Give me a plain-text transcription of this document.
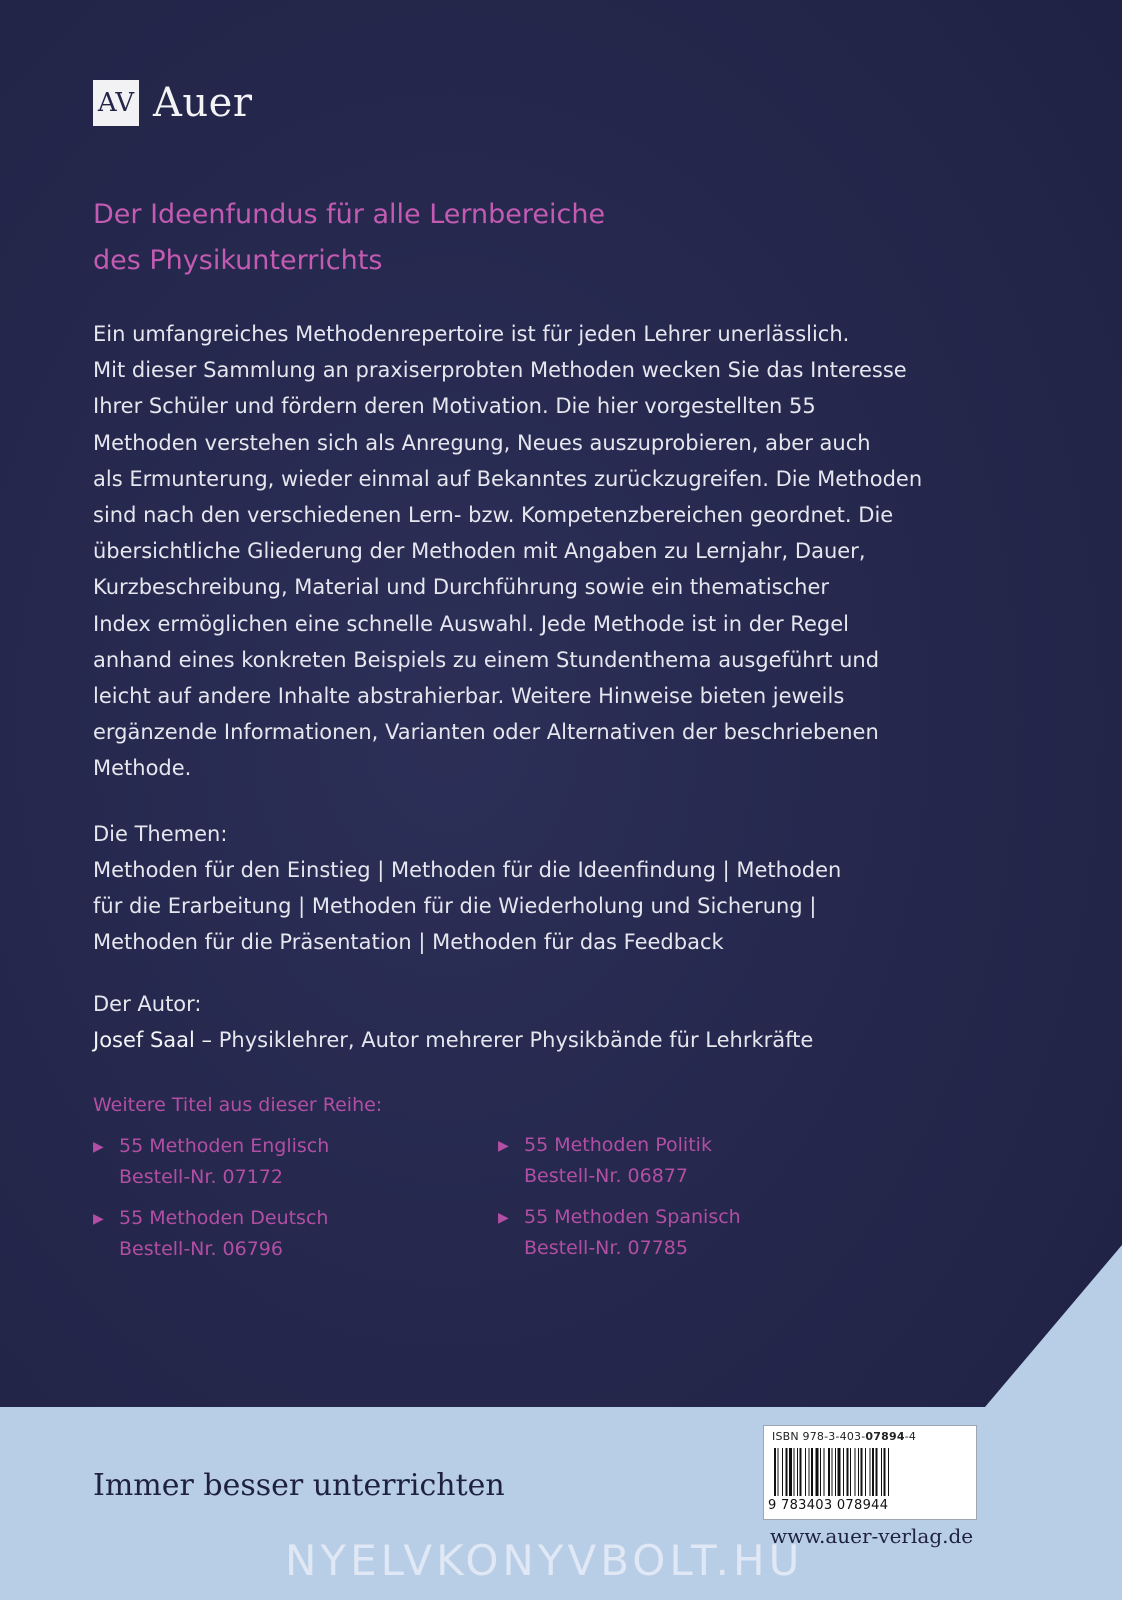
AV Auer
Der Ideenfundus für alle Lernbereiche
des Physikunterrichts
Ein umfangreiches Methodenrepertoire ist für jeden Lehrer unerlässlich.
Mit dieser Sammlung an praxiserprobten Methoden wecken Sie das Interesse
Ihrer Schüler und fördern deren Motivation. Die hier vorgestellten 55
Methoden verstehen sich als Anregung, Neues auszuprobieren, aber auch
als Ermunterung, wieder einmal auf Bekanntes zurückzugreifen. Die Methoden
sind nach den verschiedenen Lern- bzw. Kompetenzbereichen geordnet. Die
übersichtliche Gliederung der Methoden mit Angaben zu Lernjahr, Dauer,
Kurzbeschreibung, Material und Durchführung sowie ein thematischer
Index ermöglichen eine schnelle Auswahl. Jede Methode ist in der Regel
anhand eines konkreten Beispiels zu einem Stundenthema ausgeführt und
leicht auf andere Inhalte abstrahierbar. Weitere Hinweise bieten jeweils
ergänzende Informationen, Varianten oder Alternativen der beschriebenen
Methode.
Die Themen:
Methoden für den Einstieg | Methoden für die Ideenfindung | Methoden
für die Erarbeitung | Methoden für die Wiederholung und Sicherung |
Methoden für die Präsentation | Methoden für das Feedback
Der Autor:
Josef Saal – Physiklehrer, Autor mehrerer Physikbände für Lehrkräfte
Weitere Titel aus dieser Reihe:
▶ 55 Methoden Englisch
Bestell-Nr. 07172
▶ 55 Methoden Politik
Bestell-Nr. 06877
▶ 55 Methoden Deutsch
Bestell-Nr. 06796
▶ 55 Methoden Spanisch
Bestell-Nr. 07785
Immer besser unterrichten
ISBN 978-3-403-07894-4
9 783403 078944
www.auer-verlag.de
NYELVKONYVBOLT.HU
